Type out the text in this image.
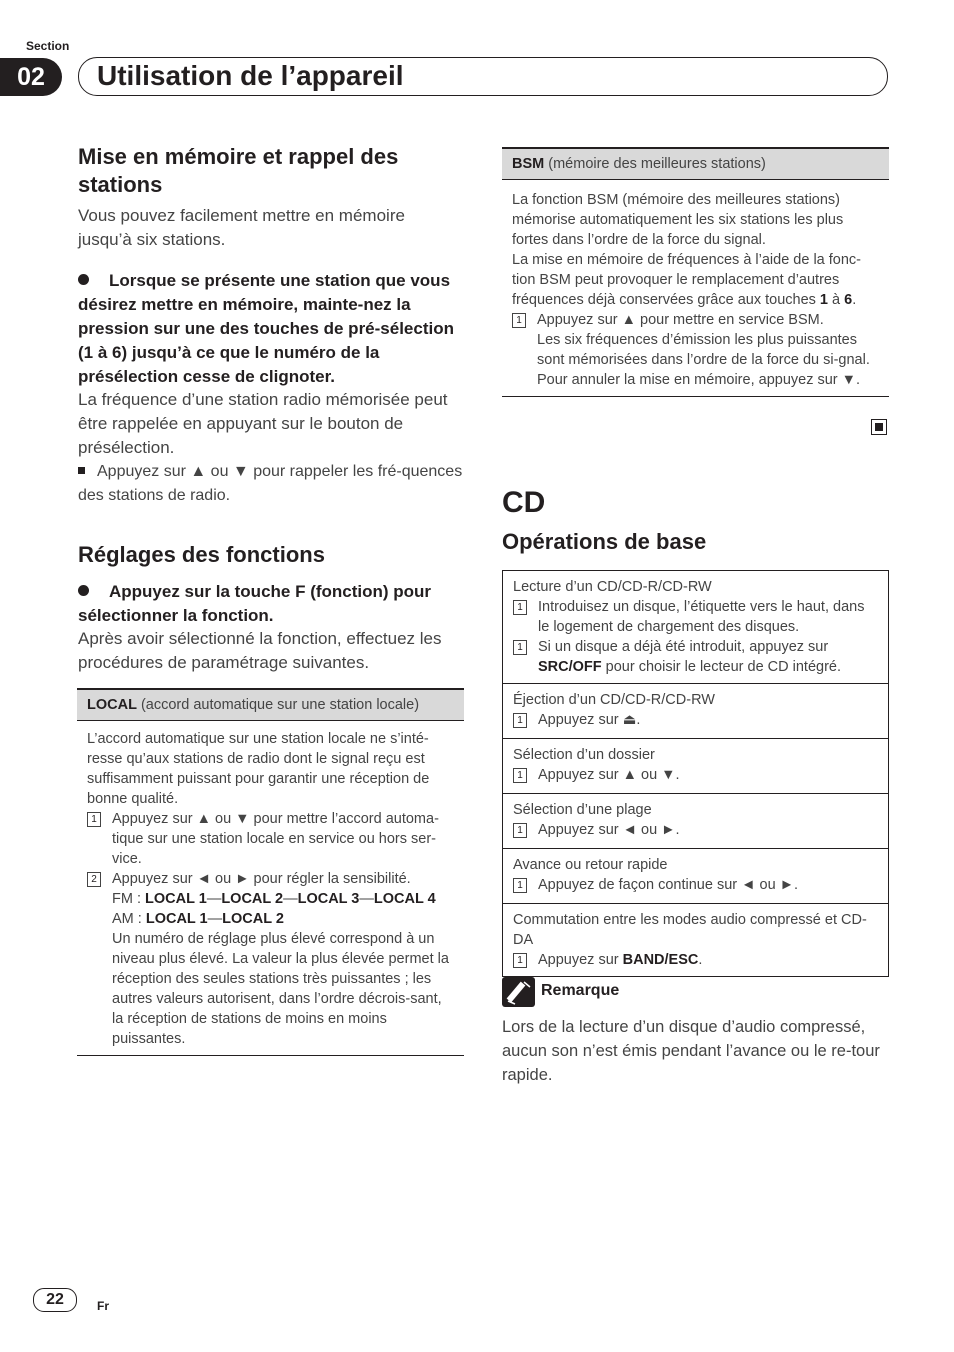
Section
02	Utilisation de l’appareil
Mise en mémoire et rappel des stations
Vous pouvez facilement mettre en mémoire jusqu’à six stations.
Lorsque se présente une station que vous désirez mettre en mémoire, mainte-nez la pression sur une des touches de pré-sélection (1 à 6) jusqu’à ce que le numéro de la présélection cesse de clignoter.
La fréquence d’une station radio mémorisée peut être rappelée en appuyant sur le bouton de présélection.
Appuyez sur ▲ ou ▼ pour rappeler les fré-quences des stations de radio.
Réglages des fonctions
Appuyez sur la touche F (fonction) pour sélectionner la fonction.
Après avoir sélectionné la fonction, effectuez les procédures de paramétrage suivantes.
LOCAL (accord automatique sur une station locale)
L’accord automatique sur une station locale ne s’inté-resse qu’aux stations de radio dont le signal reçu est suffisamment puissant pour garantir une réception de bonne qualité.
1 Appuyez sur ▲ ou ▼ pour mettre l’accord automa-tique sur une station locale en service ou hors ser-vice.
2 Appuyez sur ◄ ou ► pour régler la sensibilité.
FM : LOCAL 1—LOCAL 2—LOCAL 3—LOCAL 4
AM : LOCAL 1—LOCAL 2
Un numéro de réglage plus élevé correspond à un niveau plus élevé. La valeur la plus élevée permet la réception des seules stations très puissantes ; les autres valeurs autorisent, dans l’ordre décrois-sant, la réception de stations de moins en moins puissantes.
BSM (mémoire des meilleures stations)
La fonction BSM (mémoire des meilleures stations) mémorise automatiquement les six stations les plus fortes dans l’ordre de la force du signal.
La mise en mémoire de fréquences à l’aide de la fonc-tion BSM peut provoquer le remplacement d’autres fréquences déjà conservées grâce aux touches 1 à 6.
1 Appuyez sur ▲ pour mettre en service BSM.
Les six fréquences d’émission les plus puissantes sont mémorisées dans l’ordre de la force du si-gnal.
Pour annuler la mise en mémoire, appuyez sur ▼.
CD
Opérations de base
Lecture d’un CD/CD-R/CD-RW
1 Introduisez un disque, l’étiquette vers le haut, dans le logement de chargement des disques.
1 Si un disque a déjà été introduit, appuyez sur SRC/OFF pour choisir le lecteur de CD intégré.
Éjection d’un CD/CD-R/CD-RW
1 Appuyez sur ⏏.
Sélection d’un dossier
1 Appuyez sur ▲ ou ▼.
Sélection d’une plage
1 Appuyez sur ◄ ou ►.
Avance ou retour rapide
1 Appuyez de façon continue sur ◄ ou ►.
Commutation entre les modes audio compressé et CD-DA
1 Appuyez sur BAND/ESC.
Remarque
Lors de la lecture d’un disque d’audio compressé, aucun son n’est émis pendant l’avance ou le re-tour rapide.
22	Fr
